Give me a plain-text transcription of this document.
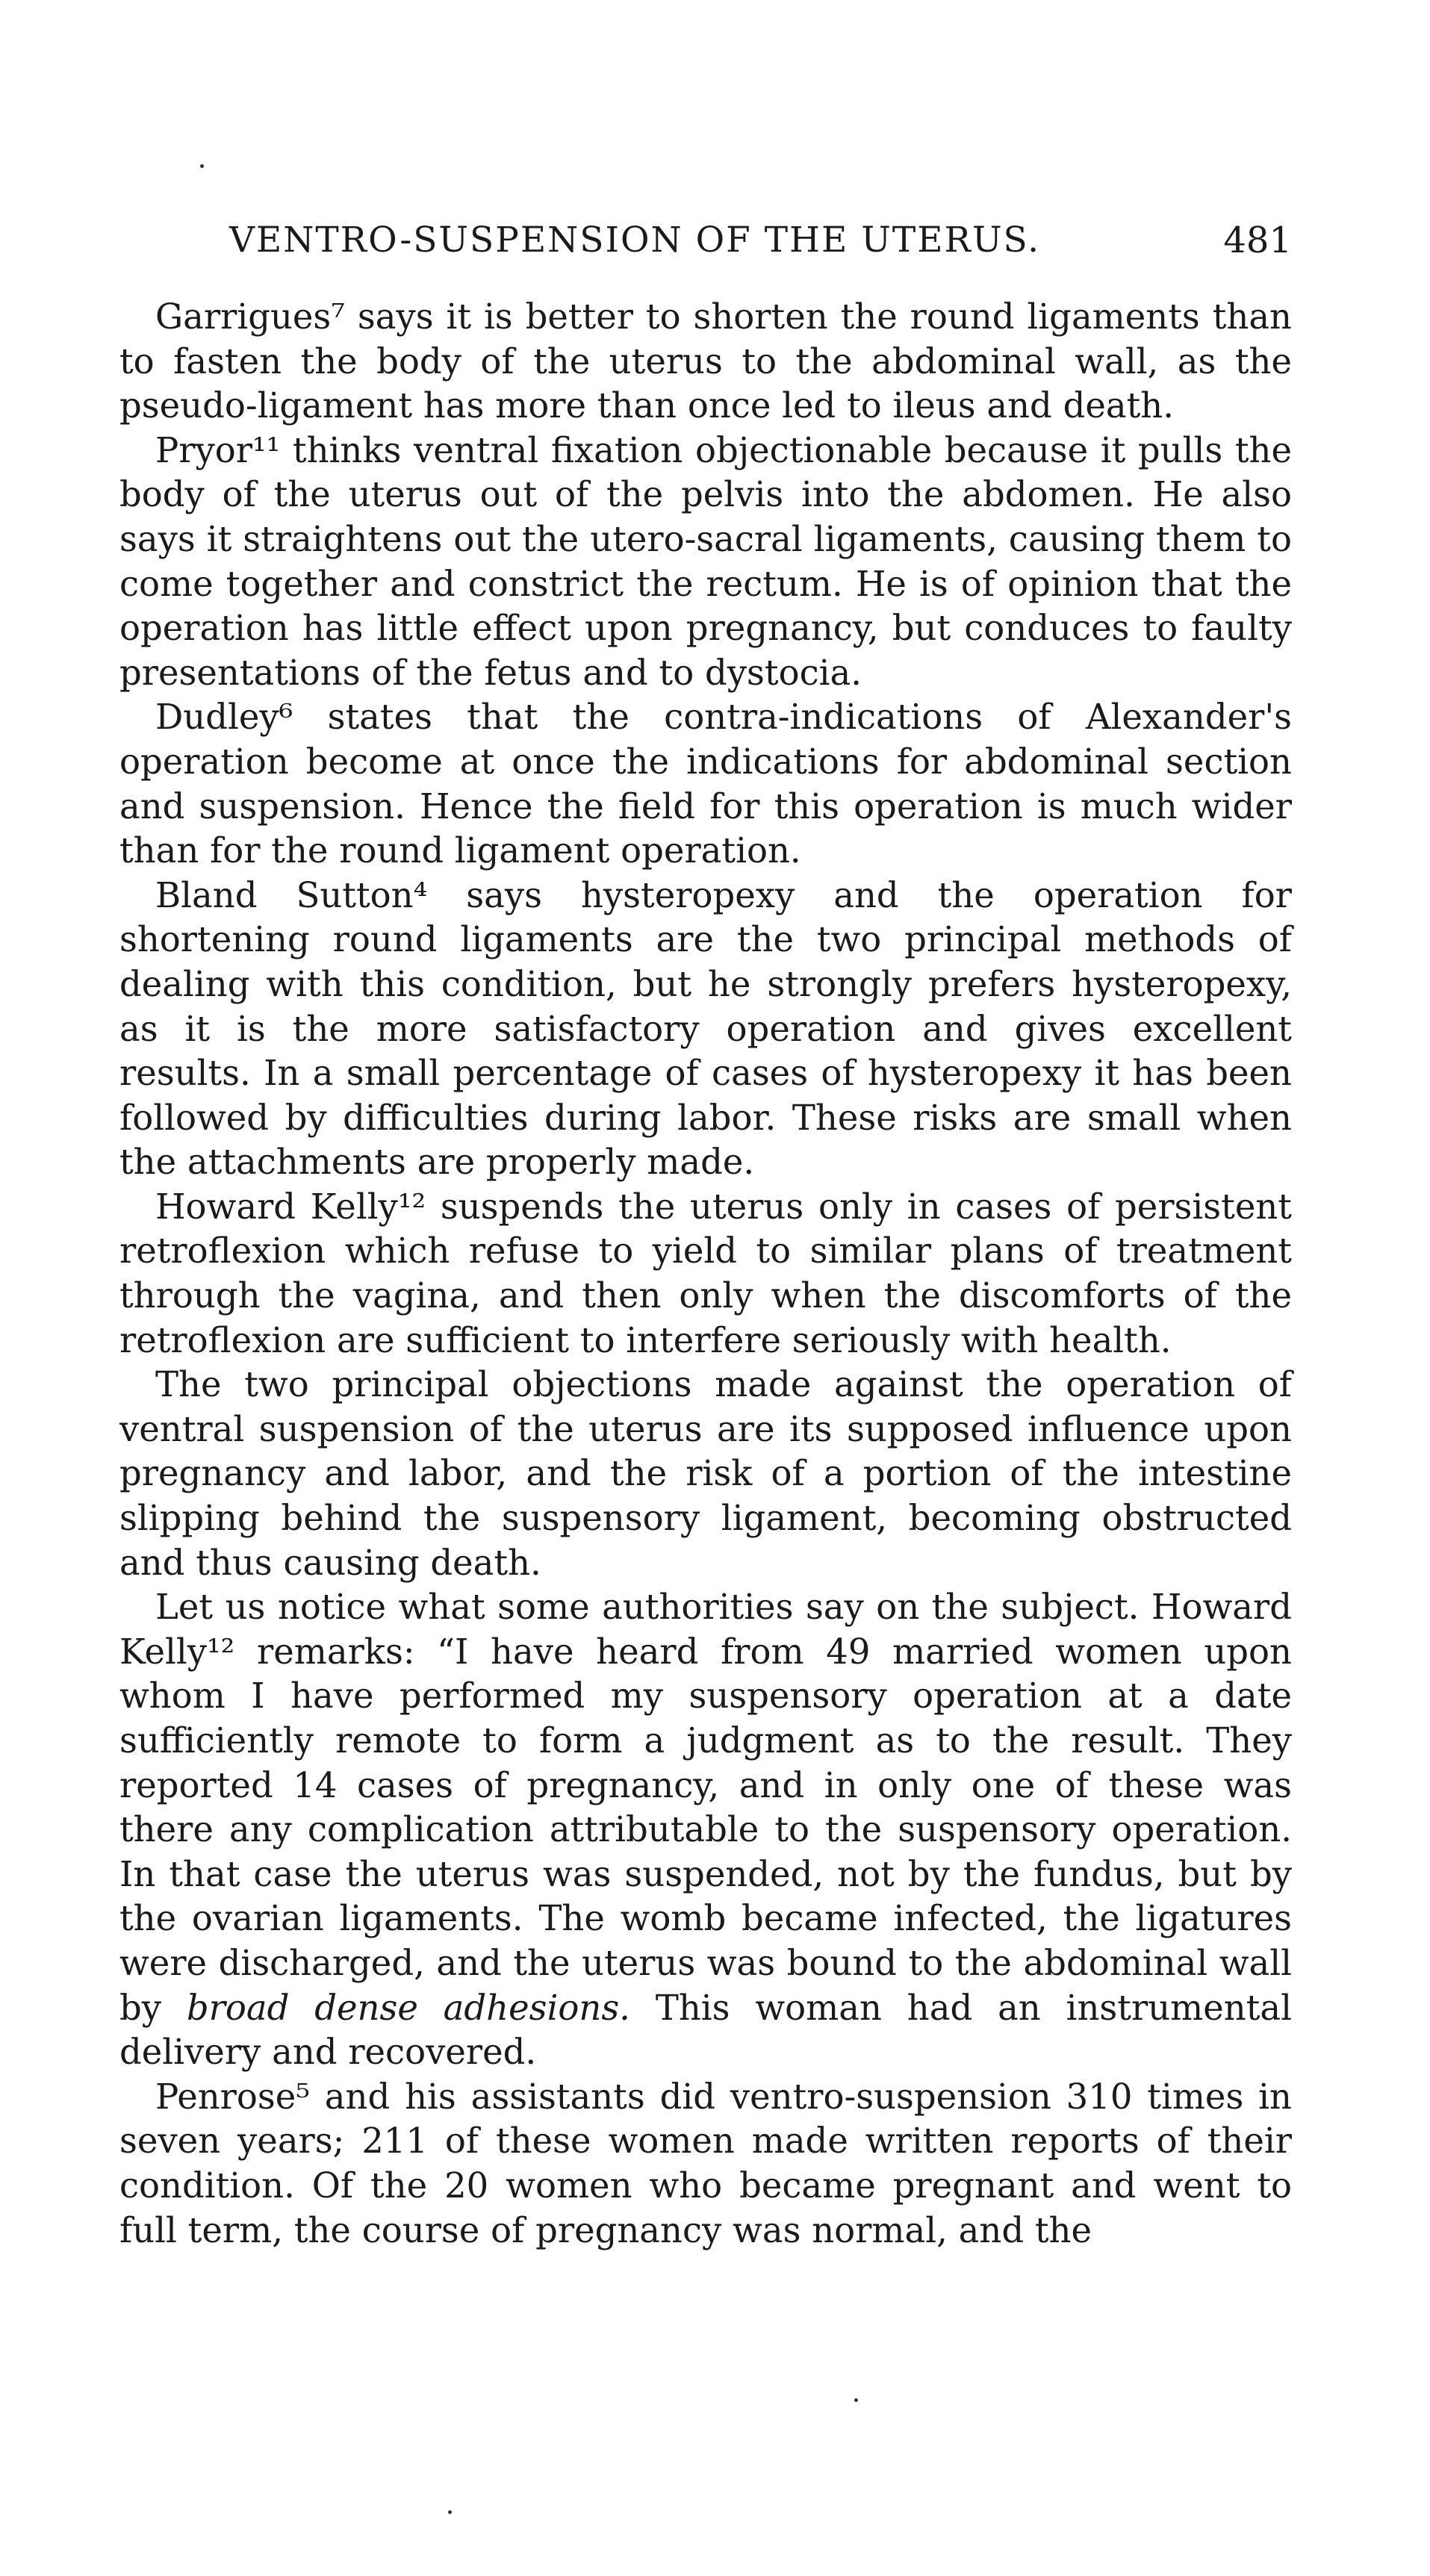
VENTRO-SUSPENSION OF THE UTERUS.	481

Garrigues⁷ says it is better to shorten the round ligaments than to fasten the body of the uterus to the abdominal wall, as the pseudo-ligament has more than once led to ileus and death.

Pryor¹¹ thinks ventral fixation objectionable because it pulls the body of the uterus out of the pelvis into the abdomen. He also says it straightens out the utero-sacral ligaments, causing them to come together and constrict the rectum. He is of opinion that the operation has little effect upon pregnancy, but conduces to faulty presentations of the fetus and to dystocia.

Dudley⁶ states that the contra-indications of Alexander's operation become at once the indications for abdominal section and suspension. Hence the field for this operation is much wider than for the round ligament operation.

Bland Sutton⁴ says hysteropexy and the operation for shortening round ligaments are the two principal methods of dealing with this condition, but he strongly prefers hysteropexy, as it is the more satisfactory operation and gives excellent results. In a small percentage of cases of hysteropexy it has been followed by difficulties during labor. These risks are small when the attachments are properly made.

Howard Kelly¹² suspends the uterus only in cases of persistent retroflexion which refuse to yield to similar plans of treatment through the vagina, and then only when the discomforts of the retroflexion are sufficient to interfere seriously with health.

The two principal objections made against the operation of ventral suspension of the uterus are its supposed influence upon pregnancy and labor, and the risk of a portion of the intestine slipping behind the suspensory ligament, becoming obstructed and thus causing death.

Let us notice what some authorities say on the subject. Howard Kelly¹² remarks: “I have heard from 49 married women upon whom I have performed my suspensory operation at a date sufficiently remote to form a judgment as to the result. They reported 14 cases of pregnancy, and in only one of these was there any complication attributable to the suspensory operation. In that case the uterus was suspended, not by the fundus, but by the ovarian ligaments. The womb became infected, the ligatures were discharged, and the uterus was bound to the abdominal wall by broad dense adhesions. This woman had an instrumental delivery and recovered.

Penrose⁵ and his assistants did ventro-suspension 310 times in seven years; 211 of these women made written reports of their condition. Of the 20 women who became pregnant and went to full term, the course of pregnancy was normal, and the
